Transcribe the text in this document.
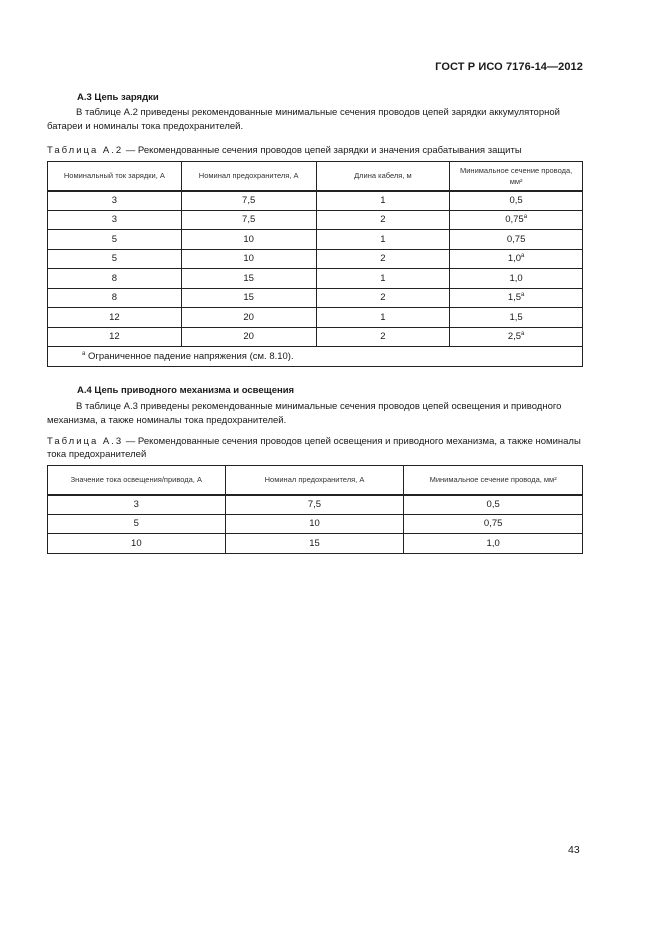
ГОСТ Р ИСО 7176-14—2012
А.3 Цепь зарядки
В таблице А.2 приведены рекомендованные минимальные сечения проводов цепей зарядки аккумуляторной батареи и номиналы тока предохранителей.
Таблица А.2 — Рекомендованные сечения проводов цепей зарядки и значения срабатывания защиты
Номинальный ток зарядки, А	Номинал предохранителя, А	Длина кабеля, м	Минимальное сечение провода, мм²
3	7,5	1	0,5
3	7,5	2	0,75$^a$
5	10	1	0,75
5	10	2	1,0$^a$
8	15	1	1,0
8	15	2	1,5$^a$
12	20	1	1,5
12	20	2	2,5$^a$
$^a$ Ограниченное падение напряжения (см. 8.10).			
А.4 Цепь приводного механизма и освещения
В таблице А.3 приведены рекомендованные минимальные сечения проводов цепей освещения и приводного механизма, а также номиналы тока предохранителей.
Таблица А.3 — Рекомендованные сечения проводов цепей освещения и приводного механизма, а также номиналы тока предохранителей
Значение тока освещения/привода, А	Номинал предохранителя, А	Минимальное сечение провода, мм²
3	7,5	0,5
5	10	0,75
10	15	1,0
43
